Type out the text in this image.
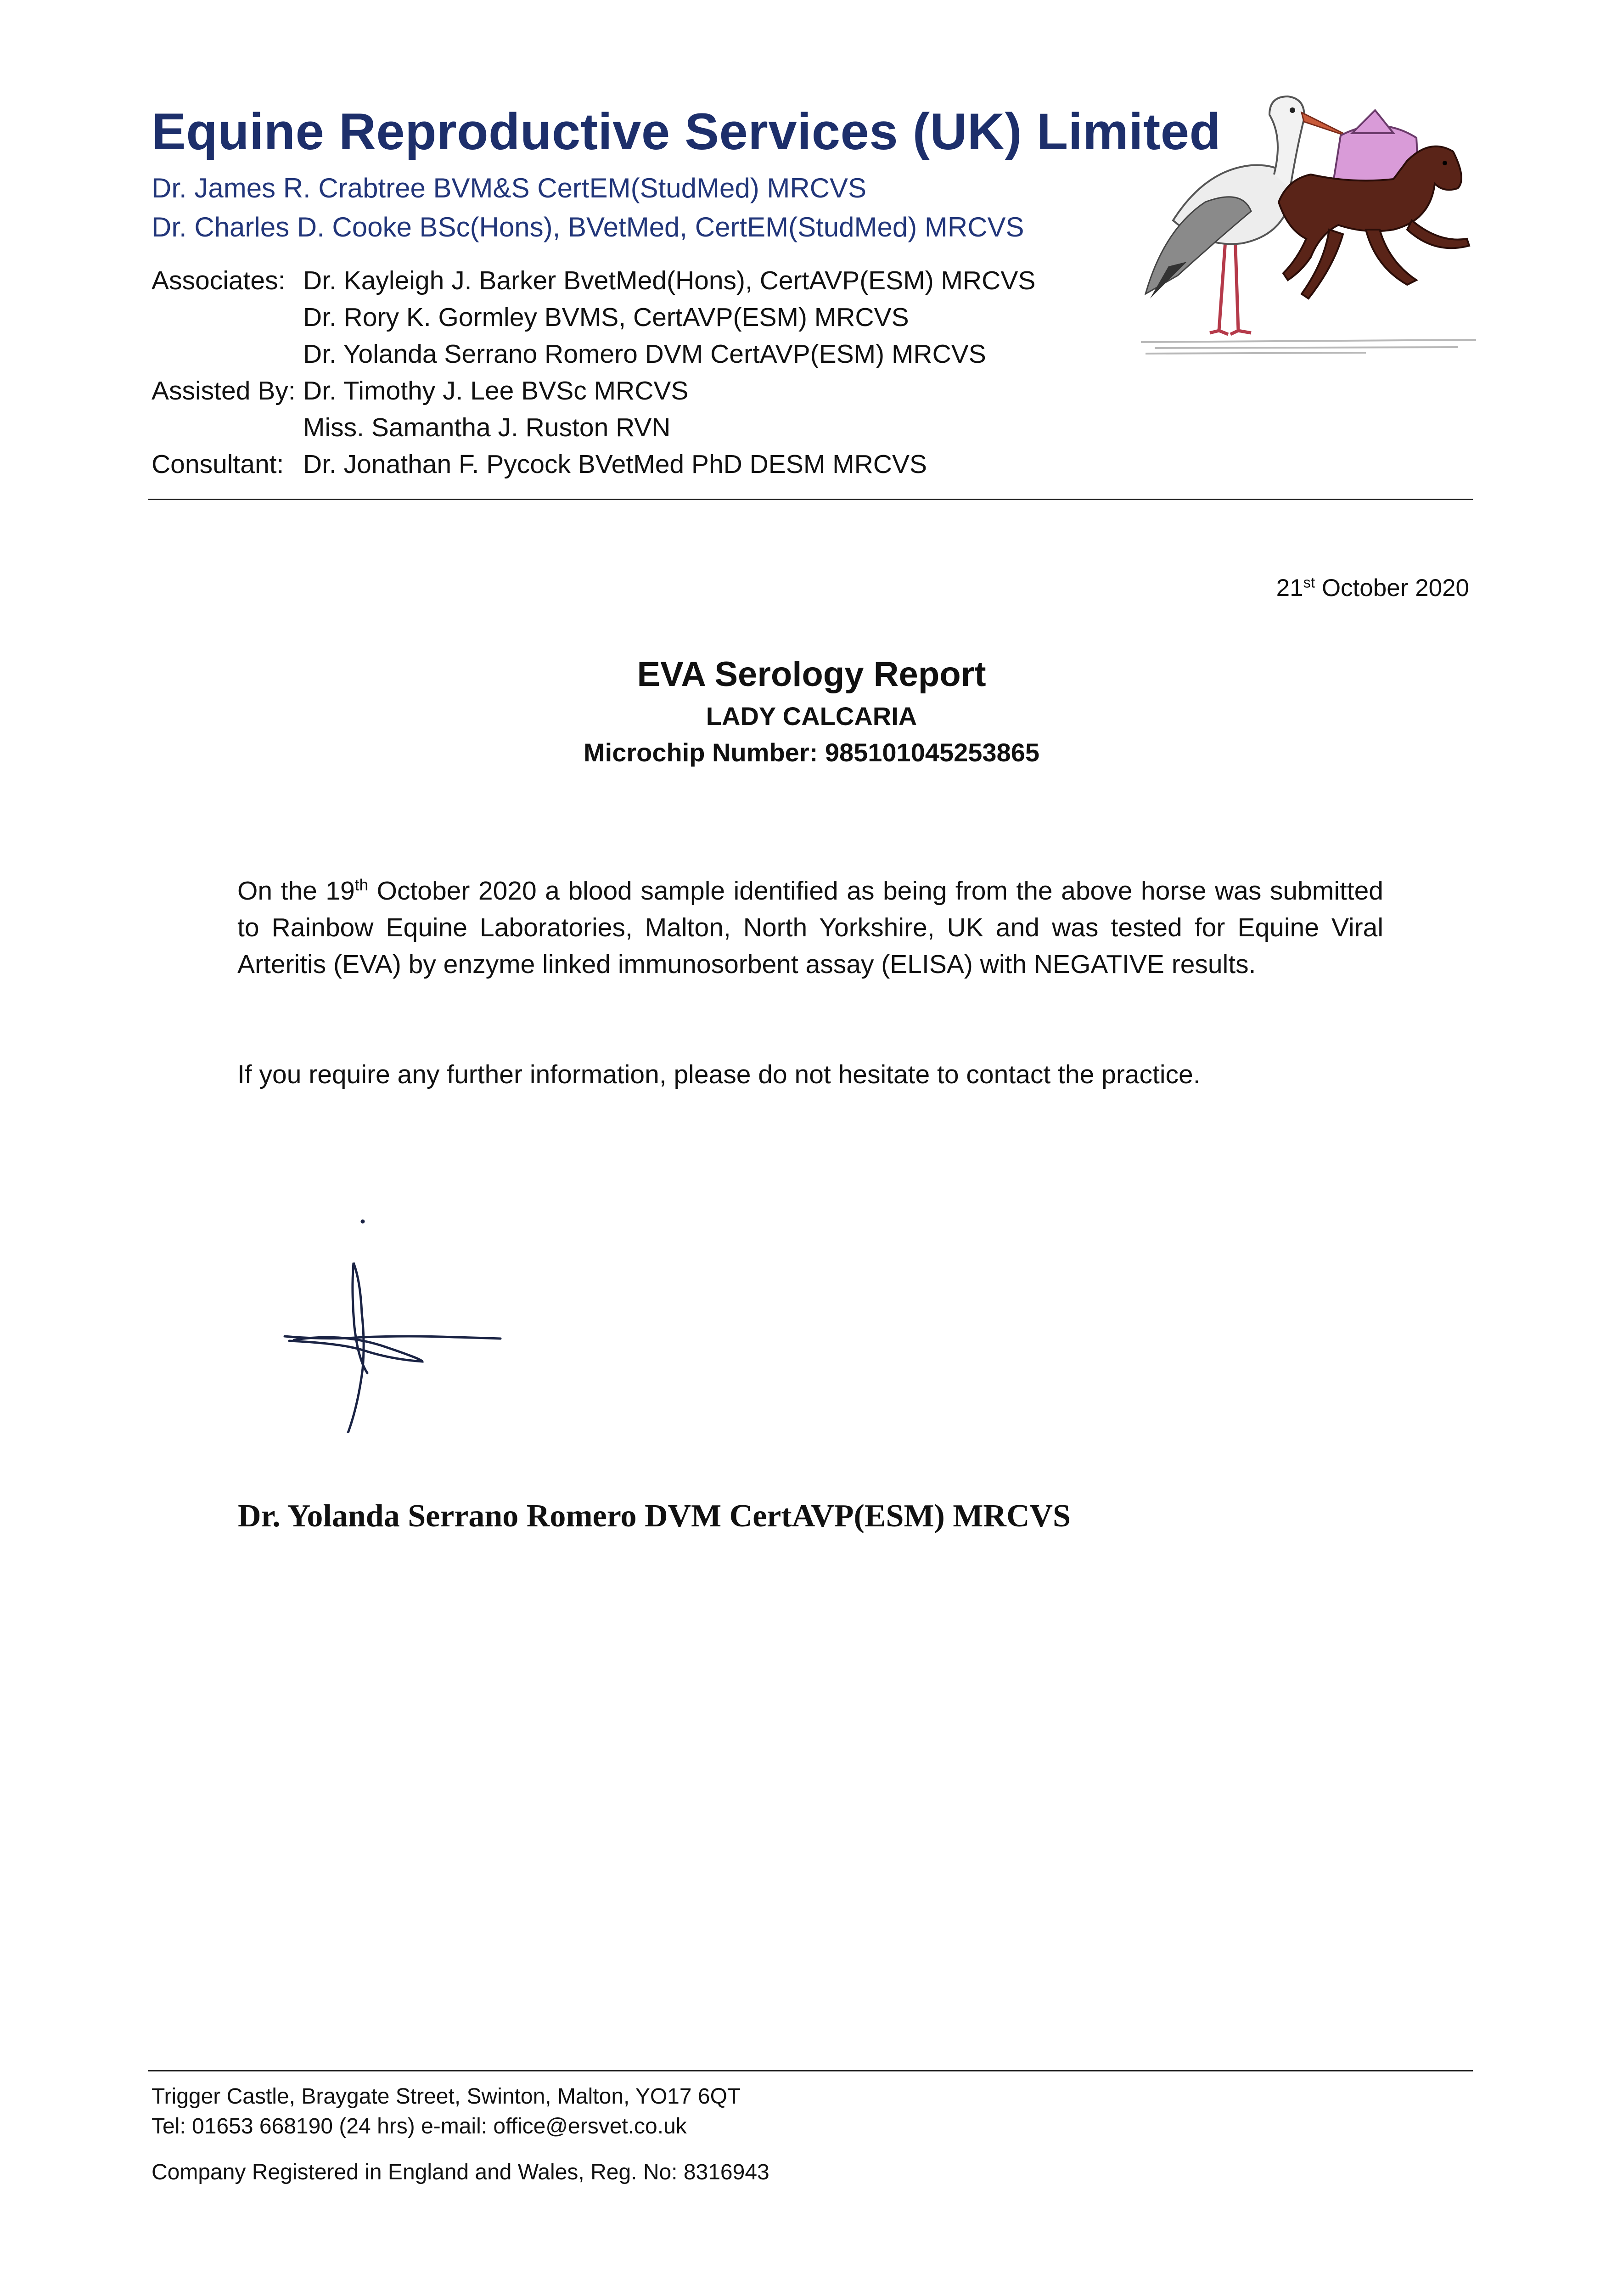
Equine Reproductive Services (UK) Limited
Dr. James R. Crabtree BVM&S CertEM(StudMed) MRCVS
Dr. Charles D. Cooke BSc(Hons), BVetMed, CertEM(StudMed) MRCVS
Associates: Dr. Kayleigh J. Barker BvetMed(Hons), CertAVP(ESM) MRCVS
Dr. Rory K. Gormley BVMS, CertAVP(ESM) MRCVS
Dr. Yolanda Serrano Romero DVM CertAVP(ESM) MRCVS
Assisted By: Dr. Timothy J. Lee BVSc MRCVS
Miss. Samantha J. Ruston RVN
Consultant: Dr. Jonathan F. Pycock BVetMed PhD DESM MRCVS
21st October 2020
EVA Serology Report
LADY CALCARIA
Microchip Number: 985101045253865

On the 19th October 2020 a blood sample identified as being from the above horse was submitted to Rainbow Equine Laboratories, Malton, North Yorkshire, UK and was tested for Equine Viral Arteritis (EVA) by enzyme linked immunosorbent assay (ELISA) with NEGATIVE results.

If you require any further information, please do not hesitate to contact the practice.

Dr. Yolanda Serrano Romero DVM CertAVP(ESM) MRCVS
Trigger Castle, Braygate Street, Swinton, Malton, YO17 6QT
Tel: 01653 668190 (24 hrs) e-mail: office@ersvet.co.uk
Company Registered in England and Wales, Reg. No: 8316943
